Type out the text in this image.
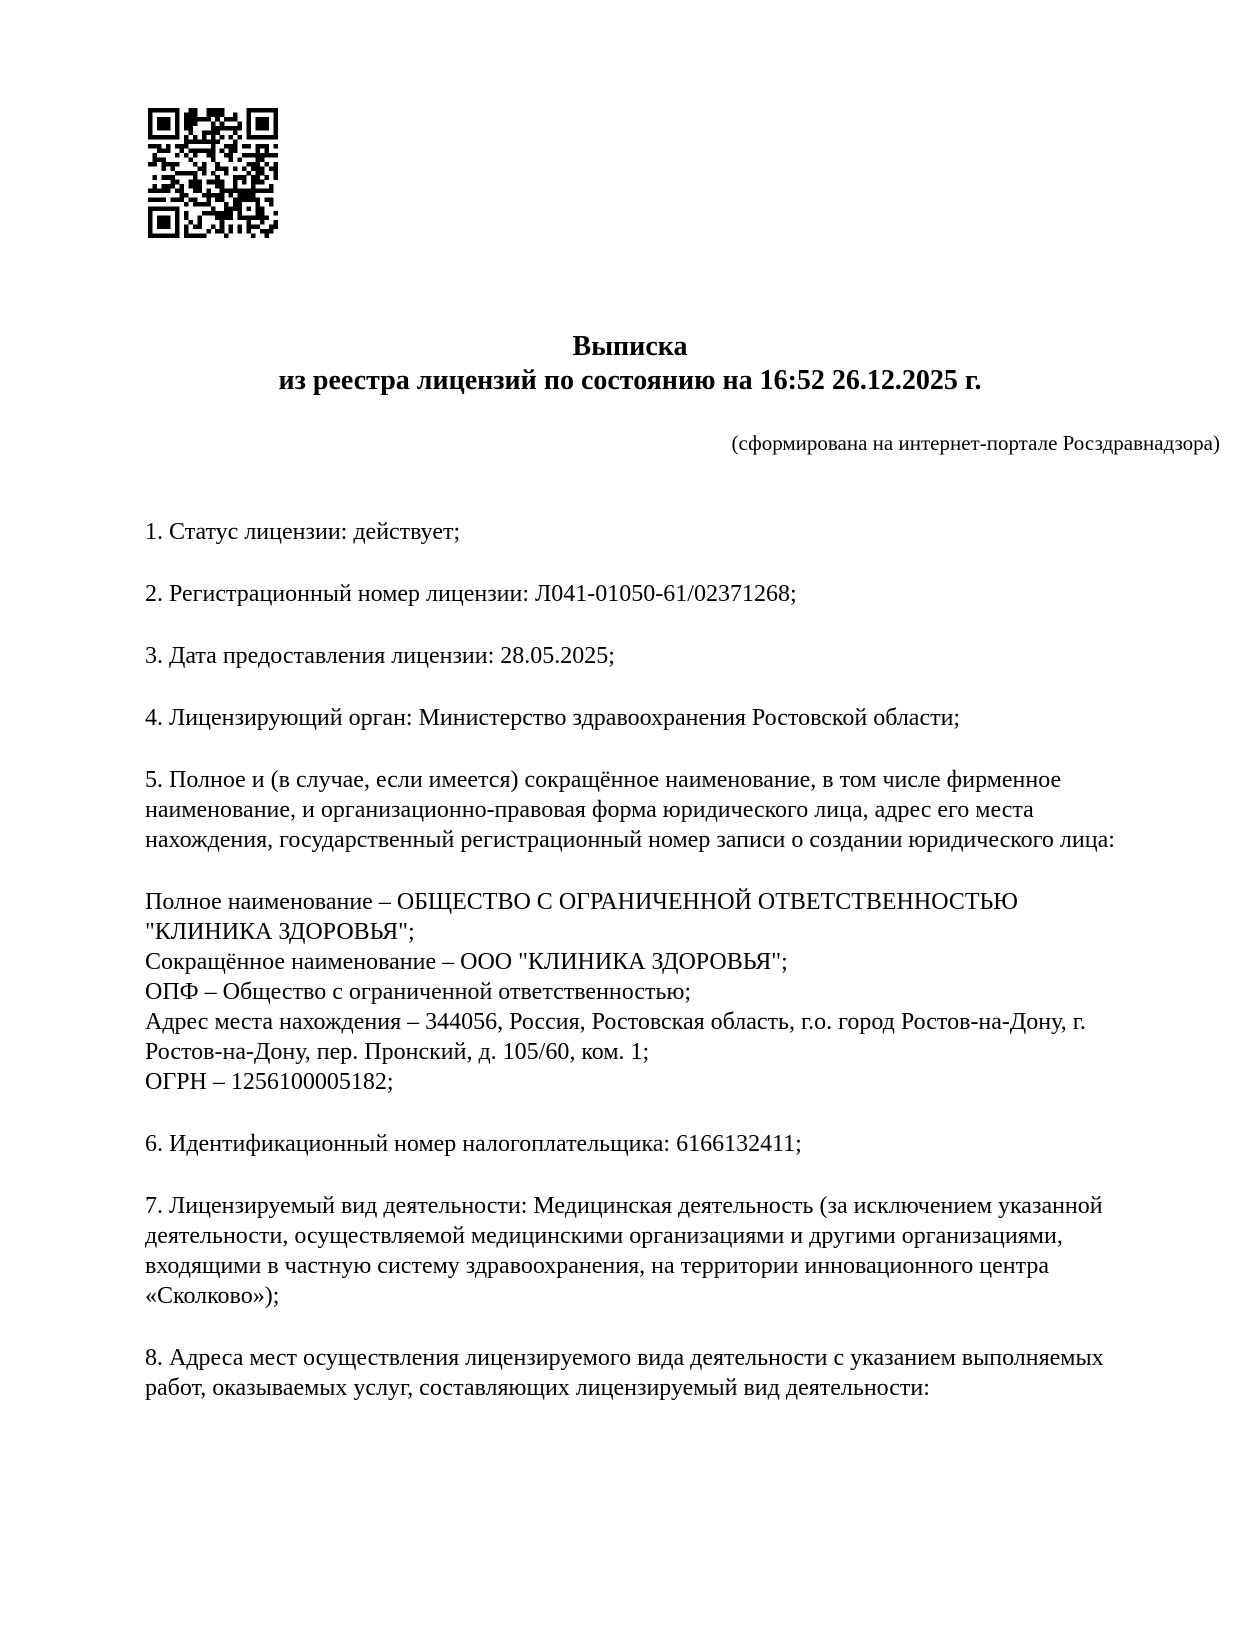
Выписка
из реестра лицензий по состоянию на 16:52 26.12.2025 г.
(сформирована на интернет-портале Росздравнадзора)
1. Статус лицензии: действует;
2. Регистрационный номер лицензии: Л041-01050-61/02371268;
3. Дата предоставления лицензии: 28.05.2025;
4. Лицензирующий орган: Министерство здравоохранения Ростовской области;
5. Полное и (в случае, если имеется) сокращённое наименование, в том числе фирменное наименование, и организационно-правовая форма юридического лица, адрес его места нахождения, государственный регистрационный номер записи о создании юридического лица:
Полное наименование – ОБЩЕСТВО С ОГРАНИЧЕННОЙ ОТВЕТСТВЕННОСТЬЮ "КЛИНИКА ЗДОРОВЬЯ";
Сокращённое наименование – ООО "КЛИНИКА ЗДОРОВЬЯ";
ОПФ – Общество с ограниченной ответственностью;
Адрес места нахождения – 344056, Россия, Ростовская область, г.о. город Ростов-на-Дону, г. Ростов-на-Дону, пер. Пронский, д. 105/60, ком. 1;
ОГРН – 1256100005182;
6. Идентификационный номер налогоплательщика: 6166132411;
7. Лицензируемый вид деятельности: Медицинская деятельность (за исключением указанной деятельности, осуществляемой медицинскими организациями и другими организациями, входящими в частную систему здравоохранения, на территории инновационного центра «Сколково»);
8. Адреса мест осуществления лицензируемого вида деятельности с указанием выполняемых работ, оказываемых услуг, составляющих лицензируемый вид деятельности:
